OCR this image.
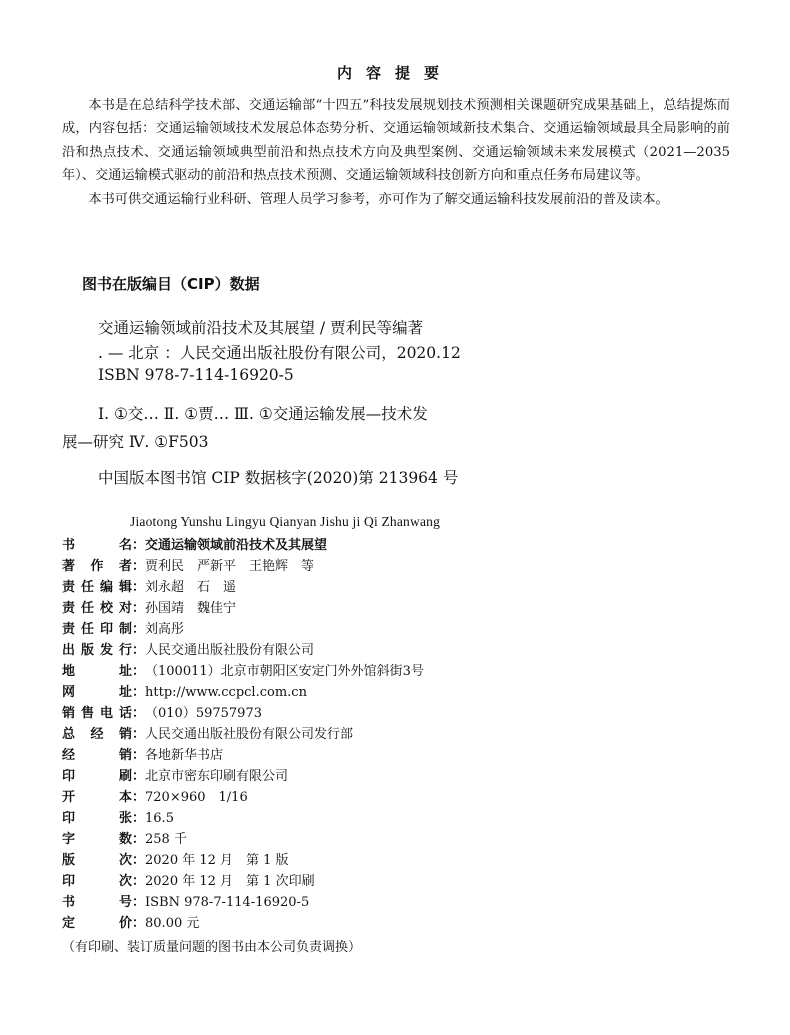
内容提要

本书是在总结科学技术部、交通运输部“十四五”科技发展规划技术预测相关课题研究成果基础上，总结提炼而成，内容包括：交通运输领域技术发展总体态势分析、交通运输领域新技术集合、交通运输领域最具全局影响的前沿和热点技术、交通运输领域典型前沿和热点技术方向及典型案例、交通运输领域未来发展模式（2021—2035年）、交通运输模式驱动的前沿和热点技术预测、交通运输领域科技创新方向和重点任务布局建议等。

本书可供交通运输行业科研、管理人员学习参考，亦可作为了解交通运输科技发展前沿的普及读本。

图书在版编目（CIP）数据
交通运输领域前沿技术及其展望 / 贾利民等编著
. — 北京 ：人民交通出版社股份有限公司，2020.12
ISBN 978-7-114-16920-5
Ⅰ. ①交… Ⅱ. ①贾… Ⅲ. ①交通运输发展—技术发
展—研究 Ⅳ. ①F503
中国版本图书馆 CIP 数据核字(2020)第 213964 号
Jiaotong Yunshu Lingyu Qianyan Jishu ji Qi Zhanwang
书名：交通运输领域前沿技术及其展望
著作者：贾利民　严新平　王艳辉　等
责任编辑：刘永超　石　遥
责任校对：孙国靖　魏佳宁
责任印制：刘高彤
出版发行：人民交通出版社股份有限公司
地址：（100011）北京市朝阳区安定门外外馆斜街3号
网址：http://www.ccpcl.com.cn
销售电话：（010）59757973
总经销：人民交通出版社股份有限公司发行部
经销：各地新华书店
印刷：北京市密东印刷有限公司
开本：720×960　1/16
印张：16.5
字数：258 千
版次：2020 年 12 月　第 1 版
印次：2020 年 12 月　第 1 次印刷
书号：ISBN 978-7-114-16920-5
定价：80.00 元
（有印刷、装订质量问题的图书由本公司负责调换）
